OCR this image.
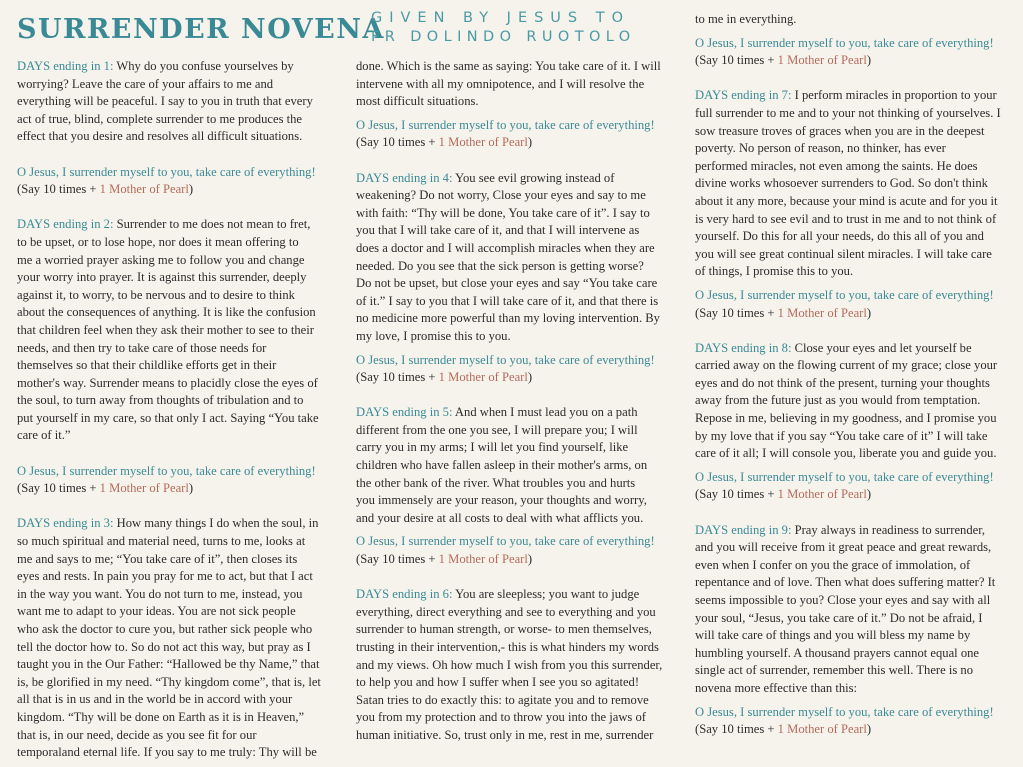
SURRENDER NOVENA
GIVEN BY JESUS TO
FR DOLINDO RUOTOLO

DAYS ending in 1: Why do you confuse yourselves by
worrying? Leave the care of your affairs to me and
everything will be peaceful. I say to you in truth that every
act of true, blind, complete surrender to me produces the
effect that you desire and resolves all difficult situations.

O Jesus, I surrender myself to you, take care of everything!
(Say 10 times + 1 Mother of Pearl)

DAYS ending in 2: Surrender to me does not mean to fret,
to be upset, or to lose hope, nor does it mean offering to
me a worried prayer asking me to follow you and change
your worry into prayer. It is against this surrender, deeply
against it, to worry, to be nervous and to desire to think
about the consequences of anything. It is like the confusion
that children feel when they ask their mother to see to their
needs, and then try to take care of those needs for
themselves so that their childlike efforts get in their
mother's way. Surrender means to placidly close the eyes of
the soul, to turn away from thoughts of tribulation and to
put yourself in my care, so that only I act. Saying “You take
care of it.”

O Jesus, I surrender myself to you, take care of everything!
(Say 10 times + 1 Mother of Pearl)

DAYS ending in 3: How many things I do when the soul, in
so much spiritual and material need, turns to me, looks at
me and says to me; “You take care of it”, then closes its
eyes and rests. In pain you pray for me to act, but that I act
in the way you want. You do not turn to me, instead, you
want me to adapt to your ideas. You are not sick people
who ask the doctor to cure you, but rather sick people who
tell the doctor how to. So do not act this way, but pray as I
taught you in the Our Father: “Hallowed be thy Name,” that
is, be glorified in my need. “Thy kingdom come”, that is, let
all that is in us and in the world be in accord with your
kingdom. “Thy will be done on Earth as it is in Heaven,”
that is, in our need, decide as you see fit for our
temporaland eternal life. If you say to me truly: Thy will be

done. Which is the same as saying: You take care of it. I will
intervene with all my omnipotence, and I will resolve the
most difficult situations.

O Jesus, I surrender myself to you, take care of everything!
(Say 10 times + 1 Mother of Pearl)

DAYS ending in 4: You see evil growing instead of
weakening? Do not worry, Close your eyes and say to me
with faith: “Thy will be done, You take care of it”. I say to
you that I will take care of it, and that I will intervene as
does a doctor and I will accomplish miracles when they are
needed. Do you see that the sick person is getting worse?
Do not be upset, but close your eyes and say “You take care
of it.” I say to you that I will take care of it, and that there is
no medicine more powerful than my loving intervention. By
my love, I promise this to you.

O Jesus, I surrender myself to you, take care of everything!
(Say 10 times + 1 Mother of Pearl)

DAYS ending in 5: And when I must lead you on a path
different from the one you see, I will prepare you; I will
carry you in my arms; I will let you find yourself, like
children who have fallen asleep in their mother's arms, on
the other bank of the river. What troubles you and hurts
you immensely are your reason, your thoughts and worry,
and your desire at all costs to deal with what afflicts you.

O Jesus, I surrender myself to you, take care of everything!
(Say 10 times + 1 Mother of Pearl)

DAYS ending in 6: You are sleepless; you want to judge
everything, direct everything and see to everything and you
surrender to human strength, or worse- to men themselves,
trusting in their intervention,- this is what hinders my words
and my views. Oh how much I wish from you this surrender,
to help you and how I suffer when I see you so agitated!
Satan tries to do exactly this: to agitate you and to remove
you from my protection and to throw you into the jaws of
human initiative. So, trust only in me, rest in me, surrender

to me in everything.

O Jesus, I surrender myself to you, take care of everything!
(Say 10 times + 1 Mother of Pearl)

DAYS ending in 7: I perform miracles in proportion to your
full surrender to me and to your not thinking of yourselves. I
sow treasure troves of graces when you are in the deepest
poverty. No person of reason, no thinker, has ever
performed miracles, not even among the saints. He does
divine works whosoever surrenders to God. So don't think
about it any more, because your mind is acute and for you it
is very hard to see evil and to trust in me and to not think of
yourself. Do this for all your needs, do this all of you and
you will see great continual silent miracles. I will take care
of things, I promise this to you.

O Jesus, I surrender myself to you, take care of everything!
(Say 10 times + 1 Mother of Pearl)

DAYS ending in 8: Close your eyes and let yourself be
carried away on the flowing current of my grace; close your
eyes and do not think of the present, turning your thoughts
away from the future just as you would from temptation.
Repose in me, believing in my goodness, and I promise you
by my love that if you say “You take care of it” I will take
care of it all; I will console you, liberate you and guide you.

O Jesus, I surrender myself to you, take care of everything!
(Say 10 times + 1 Mother of Pearl)

DAYS ending in 9: Pray always in readiness to surrender,
and you will receive from it great peace and great rewards,
even when I confer on you the grace of immolation, of
repentance and of love. Then what does suffering matter? It
seems impossible to you? Close your eyes and say with all
your soul, “Jesus, you take care of it.” Do not be afraid, I
will take care of things and you will bless my name by
humbling yourself. A thousand prayers cannot equal one
single act of surrender, remember this well. There is no
novena more effective than this:

O Jesus, I surrender myself to you, take care of everything!
(Say 10 times + 1 Mother of Pearl)
